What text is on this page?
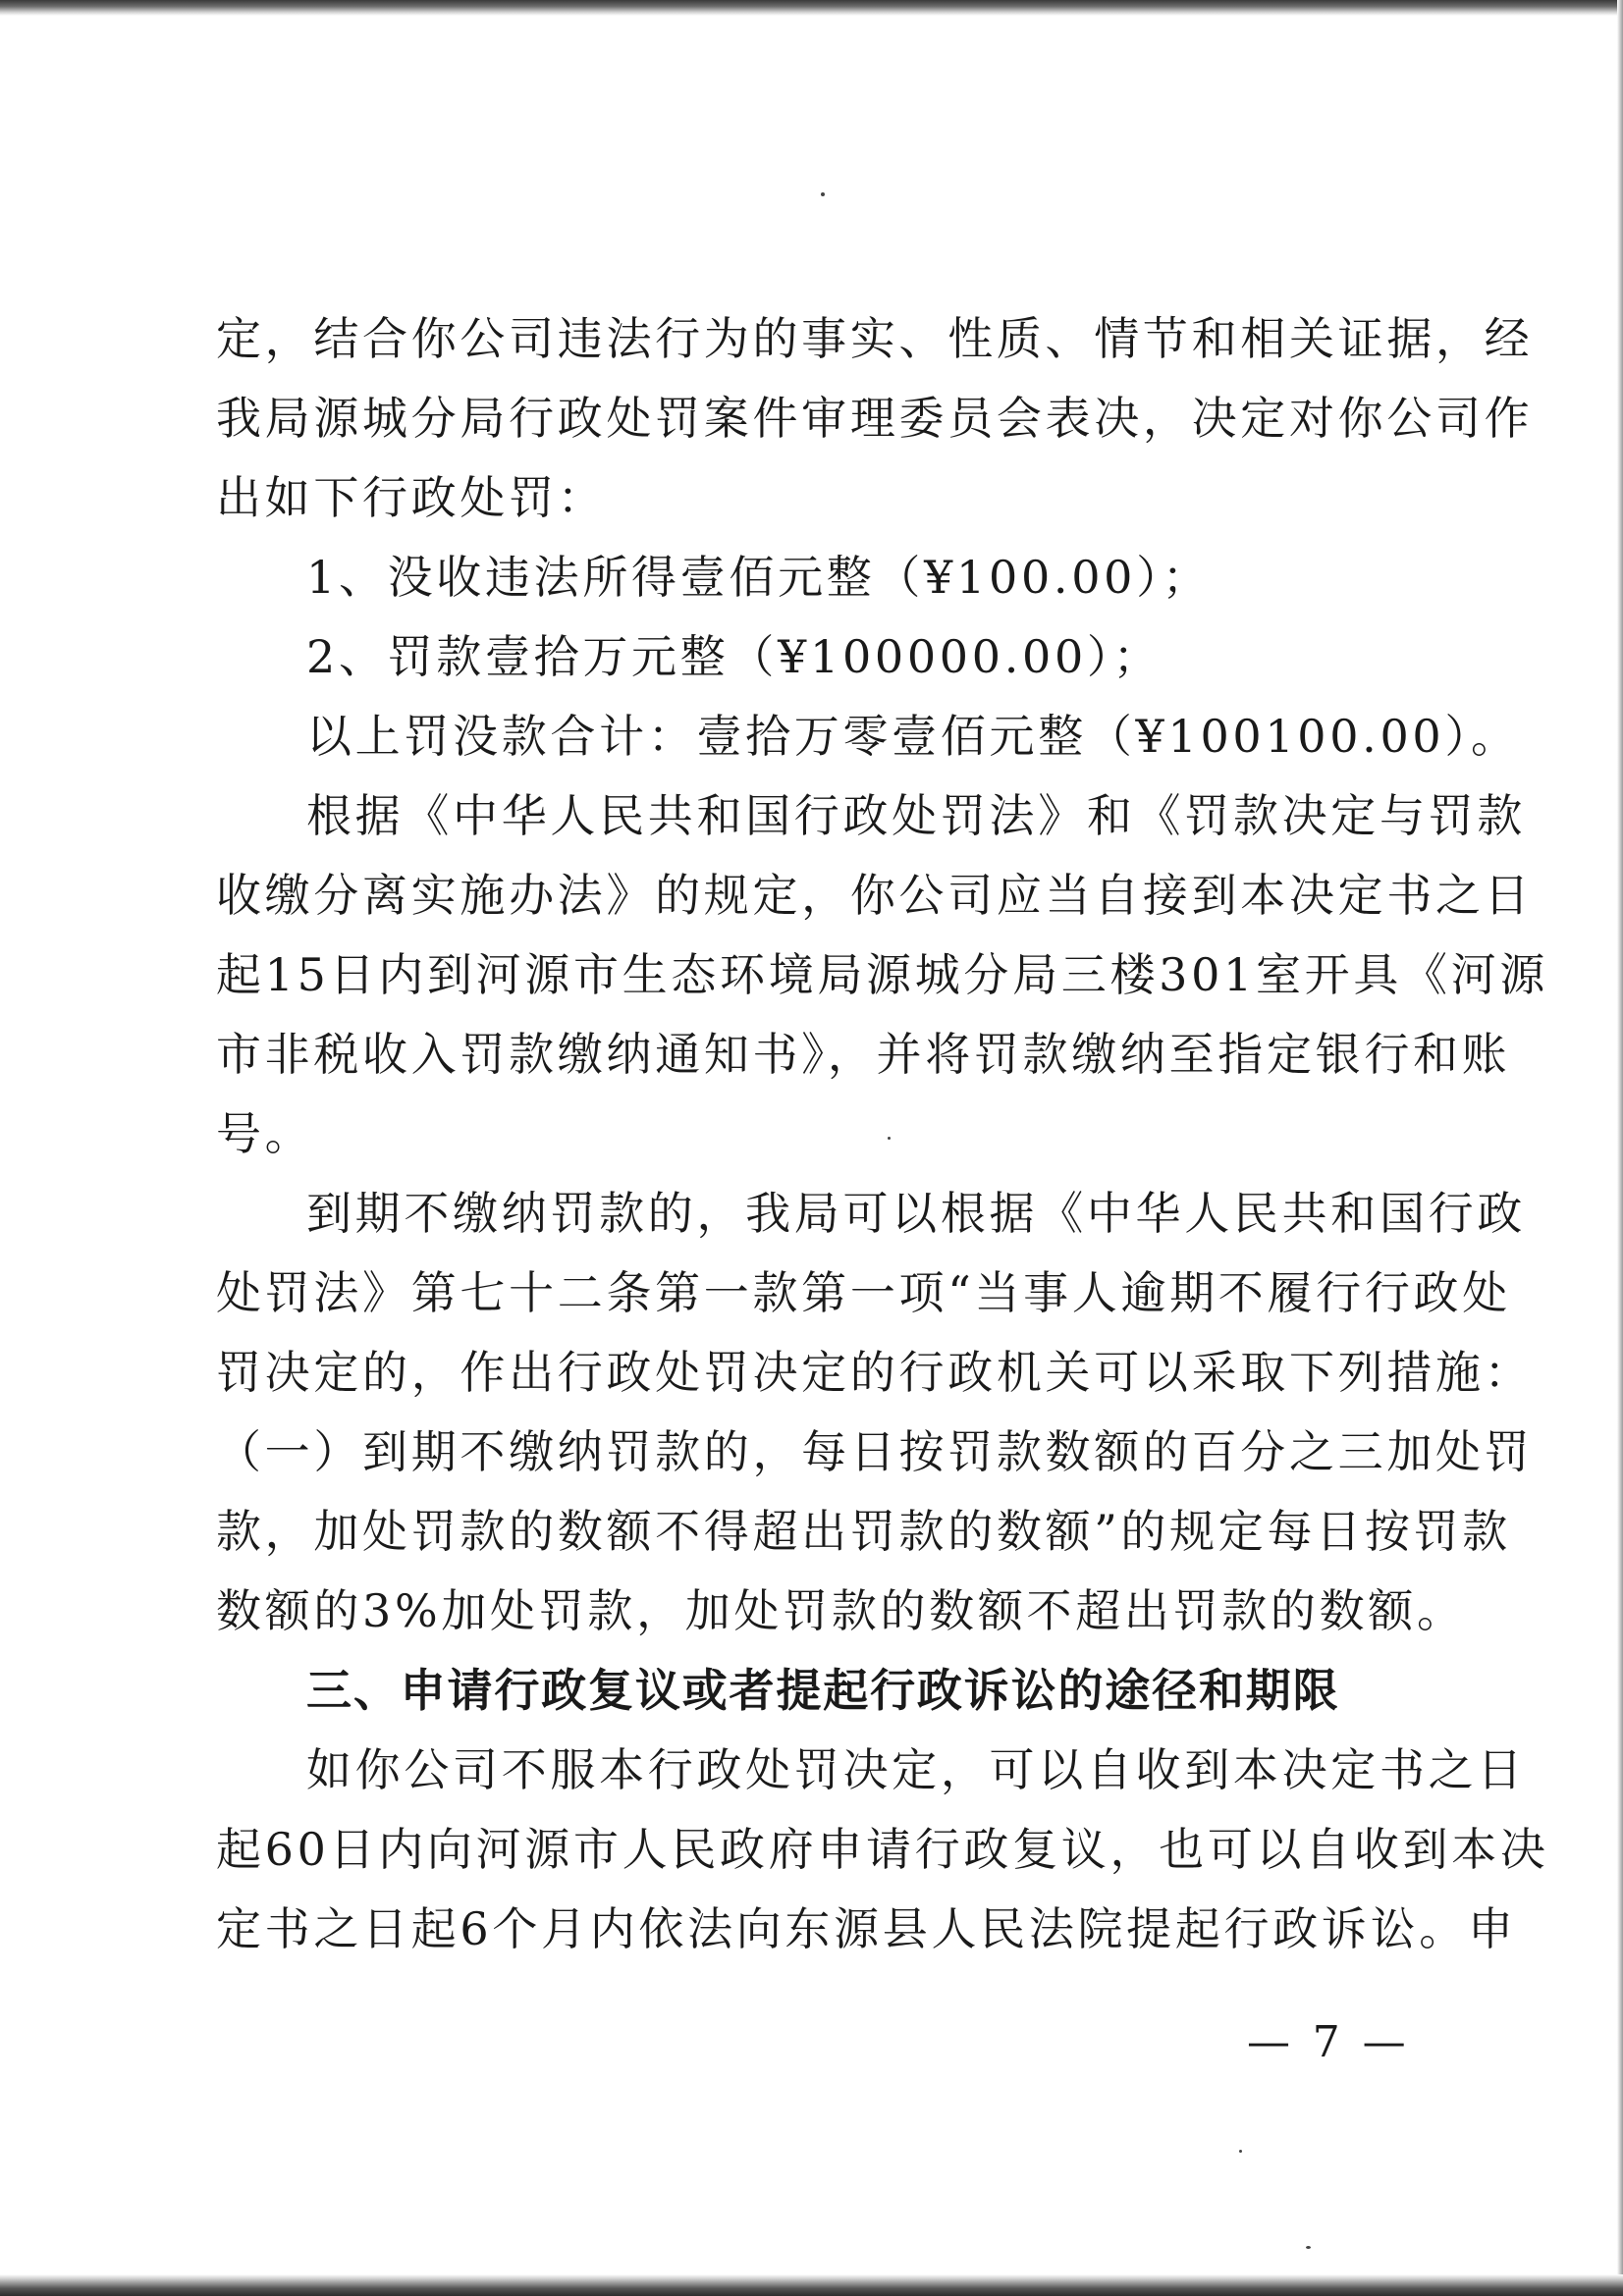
定，结合你公司违法行为的事实、性质、情节和相关证据，经
我局源城分局行政处罚案件审理委员会表决，决定对你公司作
出如下行政处罚：
1、没收违法所得壹佰元整（¥100.00）；
2、罚款壹拾万元整（¥100000.00）；
以上罚没款合计：壹拾万零壹佰元整（¥100100.00）。
根据《中华人民共和国行政处罚法》和《罚款决定与罚款
收缴分离实施办法》的规定，你公司应当自接到本决定书之日
起15日内到河源市生态环境局源城分局三楼301室开具《河源
市非税收入罚款缴纳通知书》，并将罚款缴纳至指定银行和账
号。
到期不缴纳罚款的，我局可以根据《中华人民共和国行政
处罚法》第七十二条第一款第一项“当事人逾期不履行行政处
罚决定的，作出行政处罚决定的行政机关可以采取下列措施：
（一）到期不缴纳罚款的，每日按罚款数额的百分之三加处罚
款，加处罚款的数额不得超出罚款的数额”的规定每日按罚款
数额的3%加处罚款，加处罚款的数额不超出罚款的数额。
三、申请行政复议或者提起行政诉讼的途径和期限
如你公司不服本行政处罚决定，可以自收到本决定书之日
起60日内向河源市人民政府申请行政复议，也可以自收到本决
定书之日起6个月内依法向东源县人民法院提起行政诉讼。申
— 7 —
